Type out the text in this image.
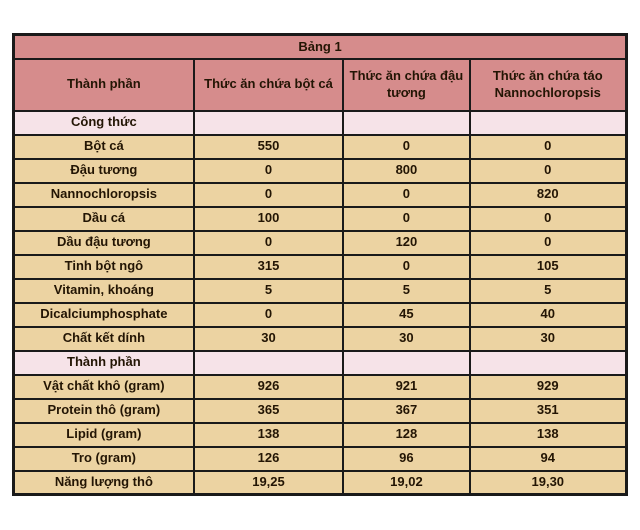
Bảng 1			
Thành phần	Thức ăn chứa bột cá	Thức ăn chứa đậu tương	Thức ăn chứa táo Nannochloropsis
Công thức			
Bột cá	550	0	0
Đậu tương	0	800	0
Nannochloropsis	0	0	820
Dầu cá	100	0	0
Dầu đậu tương	0	120	0
Tinh bột ngô	315	0	105
Vitamin, khoáng	5	5	5
Dicalciumphosphate	0	45	40
Chất kết dính	30	30	30
Thành phần			
Vật chất khô (gram)	926	921	929
Protein thô (gram)	365	367	351
Lipid (gram)	138	128	138
Tro (gram)	126	96	94
Năng lượng thô	19,25	19,02	19,30
